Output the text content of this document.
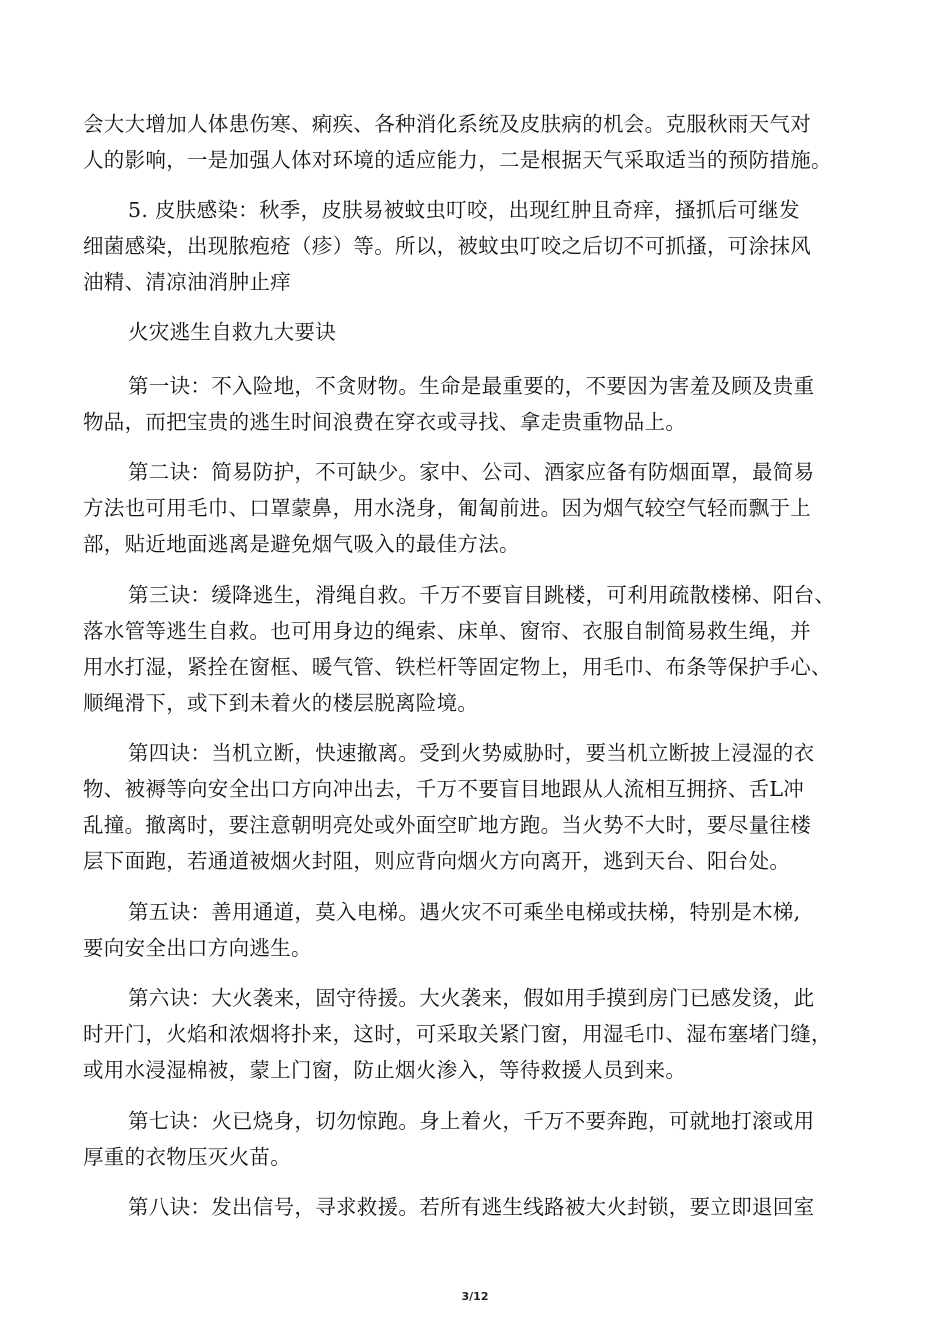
会大大增加人体患伤寒、痢疾、各种消化系统及皮肤病的机会。克服秋雨天气对
人的影响，一是加强人体对环境的适应能力，二是根据天气采取适当的预防措施。
5. 皮肤感染：秋季，皮肤易被蚊虫叮咬，出现红肿且奇痒，搔抓后可继发
细菌感染，出现脓疱疮（疹）等。所以，被蚊虫叮咬之后切不可抓搔，可涂抹风
油精、清凉油消肿止痒
火灾逃生自救九大要诀
第一诀：不入险地，不贪财物。生命是最重要的，不要因为害羞及顾及贵重
物品，而把宝贵的逃生时间浪费在穿衣或寻找、拿走贵重物品上。
第二诀：简易防护，不可缺少。家中、公司、酒家应备有防烟面罩，最简易
方法也可用毛巾、口罩蒙鼻，用水浇身，匍匐前进。因为烟气较空气轻而飘于上
部，贴近地面逃离是避免烟气吸入的最佳方法。
第三诀：缓降逃生，滑绳自救。千万不要盲目跳楼，可利用疏散楼梯、阳台、
落水管等逃生自救。也可用身边的绳索、床单、窗帘、衣服自制简易救生绳，并
用水打湿，紧拴在窗框、暖气管、铁栏杆等固定物上，用毛巾、布条等保护手心、
顺绳滑下，或下到未着火的楼层脱离险境。
第四诀：当机立断，快速撤离。受到火势威胁时，要当机立断披上浸湿的衣
物、被褥等向安全出口方向冲出去，千万不要盲目地跟从人流相互拥挤、舌L冲
乱撞。撤离时，要注意朝明亮处或外面空旷地方跑。当火势不大时，要尽量往楼
层下面跑，若通道被烟火封阻，则应背向烟火方向离开，逃到天台、阳台处。
第五诀：善用通道，莫入电梯。遇火灾不可乘坐电梯或扶梯，特别是木梯,
要向安全出口方向逃生。
第六诀：大火袭来，固守待援。大火袭来，假如用手摸到房门已感发烫，此
时开门，火焰和浓烟将扑来，这时，可采取关紧门窗，用湿毛巾、湿布塞堵门缝，
或用水浸湿棉被，蒙上门窗，防止烟火渗入，等待救援人员到来。
第七诀：火已烧身，切勿惊跑。身上着火，千万不要奔跑，可就地打滚或用
厚重的衣物压灭火苗。
第八诀：发出信号，寻求救援。若所有逃生线路被大火封锁，要立即退回室
3/12
